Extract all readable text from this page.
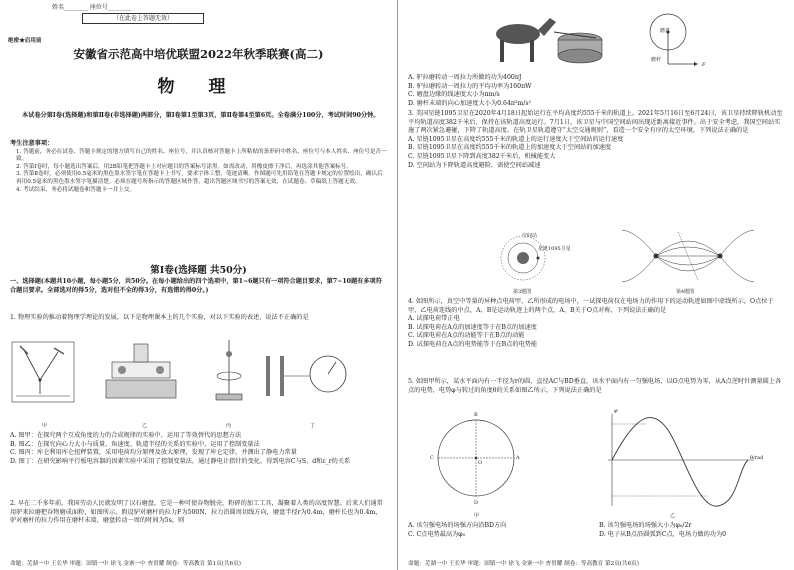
姓名________ 座位号________
（在此卷上答题无效）
绝密★启用前
安徽省示范高中培优联盟2022年秋季联赛(高二)
物 理

本试卷分第Ⅰ卷(选择题)和第Ⅱ卷(非选择题)两部分，第Ⅰ卷第1至第3页，第Ⅱ卷第4至第6页。全卷满分100分，考试时间90分钟。

考生注意事项：

1. 答题前，务必在试卷、答题卡规定的地方填写自己的姓名、座位号，并认真核对答题卡上所粘贴的条形码中姓名、座位号与本人姓名、座位号是否一致。

2. 答第Ⅰ卷时，每小题选出答案后，用2B铅笔把答题卡上对应题目的答案标号涂黑。如需改动，用橡皮擦干净后，再选涂其他答案标号。

3. 答第Ⅱ卷时，必须使用0.5毫米的黑色墨水签字笔在答题卡上书写，要求字体工整、笔迹清晰。作图题可先用铅笔在答题卡规定的位置绘出，确认后再用0.5毫米的黑色墨水签字笔描清楚。必须在题号所指示的答题区域作答，超出答题区域书写的答案无效，在试题卷、草稿纸上答题无效。

4. 考试结束，务必将试题卷和答题卡一并上交。

第Ⅰ卷(选择题 共50分)

一、选择题(本题共10小题，每小题5分，共50分。在每小题给出的四个选项中，第1~6题只有一项符合题目要求，第7~10题有多项符合题目要求。全部选对的得5分，选对但不全的得3分，有选错的得0分。)

1. 物理实验的推动着物理学理论的发展，以下是物理课本上的几个实验，对以下实验的表述，说法不正确的是

甲	乙	丙	丁

A. 图甲：在探究两个互成角度的力的合成规律的实验中，运用了等效替代的思想方法

B. 图乙：在探究向心力大小与质量、角速度、轨道半径的关系的实验中，运用了控制变量法

C. 图丙：库仑利用库仑扭秤装置，采用电荷均分原理及放大原理，发现了库仑定律，并测出了静电力常量

D. 图丁：在研究影响平行板电容器的因素实验中采用了控制变量法，通过静电计指针的变化，得到电容C与S、d和ε_r的关系

2. 早在二千多年前，我国劳动人民就发明了汉石磨盘，它是一种可使谷物脱壳、粉碎的加工工具，凝聚着人类的高度智慧。后来人们通常用驴来拉磨把谷物磨成面粉，如图所示。假设驴对磨杆的拉力F为500N，拉力沿圆周切线方向，磨盘半径r为0.4m，磨杆长也为0.4m，驴对磨杆的拉力作用在磨杆末端，磨盘转动一周的时间为5s，则

命题：芜湖一中 王长华 审题：固镇一中 徐飞 金寨一中 查贯耀 制卷：等高教育 第1页(共6页)
磨盘
磨杆
F

A. 驴拉磨转动一周拉力所做的功为400πJ

B. 驴拉磨转动一周拉力的平均功率为160πW

C. 磨盘边缘的线速度大小为πm/s

D. 磨杆末端的向心加速度大小为0.64π²m/s²

3. 美国星链1095卫星在2020年4月18日起始运行在平均高度约555千米的轨道上。2021年5月16日至6月24日，该卫星持续降轨机动至平均轨道高度382千米后，保持在该轨道高度运行。7月1日，该卫星与中国空间站间出现近距离接近事件。出于安全考虑，我国空间站实施了两次紧急避碰，下降了轨道高度。在轨卫星轨道遵守“太空交通规则”，看造一个安全有序的太空环境。下列说法正确的是

A. 星链1095卫星在高度约555千米的轨道上的运行速度大于空间站的运行速度

B. 星链1095卫星在高度约555千米的轨道上的加速度大于空间站的加速度

C. 星链1095卫星下降到高度382千米后，机械能变大

D. 空间站为下降轨道高度避险，需使空间站减速

空间站
星链1095卫星
第3题图	第4题图

4. 如图所示，真空中等量的异种点电荷甲、乙所形成的电场中，一试探电荷仅在电场力的作用下的运动轨迹如图中虚线所示，O点位于甲、乙电荷连线的中点，A、B是运动轨迹上的两个点，A、B关于O点对称，下列说法正确的是

A. 试探电荷带正电

B. 试探电荷在A点的加速度等于在B点的加速度

C. 试探电荷在A点的动能等于在B点的动能

D. 试探电荷在A点的电势能等于在B点的电势能

5. 如图甲所示，某水平面内有一半径为r的圆，直径AC与BD垂直，该水平面内有一匀强电场，以O点电势为零，从A点逆时针测量圆上各点的电势，电势φ与转过的角度θ的关系如图乙所示，下列说法正确的是

A
B
C
D
O
甲
θ/rad
φ
乙

A. 该匀强电场的场强方向沿BD方向	B. 该匀强电场的场强大小为φ₀/2r

C. C点电势最高为φ₀	D. 电子从B点沿圆弧到C点，电场力做的功为0

命题：芜湖一中 王长华 审题：固镇一中 徐飞 金寨一中 查贯耀 制卷：等高教育 第2页(共6页)
